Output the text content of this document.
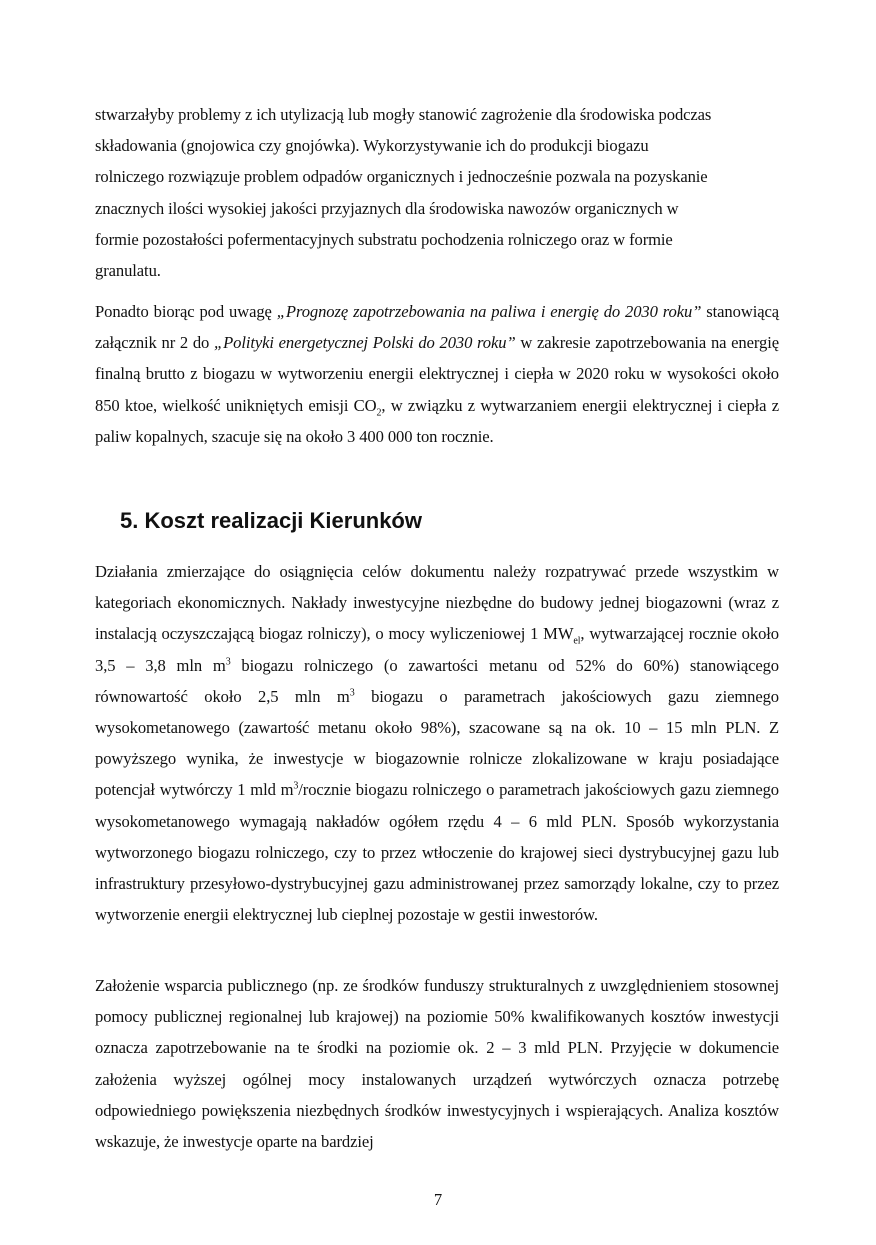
stwarzałyby problemy z ich utylizacją lub mogły stanowić zagrożenie dla środowiska podczas

składowania (gnojowica czy gnojówka). Wykorzystywanie ich do produkcji biogazu

rolniczego rozwiązuje problem odpadów organicznych i jednocześnie pozwala na pozyskanie

znacznych ilości wysokiej jakości przyjaznych dla środowiska nawozów organicznych w

formie pozostałości pofermentacyjnych substratu pochodzenia rolniczego oraz w formie

granulatu.

Ponadto biorąc pod uwagę „Prognozę zapotrzebowania na paliwa i energię do 2030 roku” stanowiącą załącznik nr 2 do „Polityki energetycznej Polski do 2030 roku” w zakresie zapotrzebowania na energię finalną brutto z biogazu w wytworzeniu energii elektrycznej i ciepła w 2020 roku w wysokości około 850 ktoe, wielkość unikniętych emisji $CO_2$, w związku z wytwarzaniem energii elektrycznej i ciepła z paliw kopalnych, szacuje się na około 3 400 000 ton rocznie.

5. Koszt realizacji Kierunków

Działania zmierzające do osiągnięcia celów dokumentu należy rozpatrywać przede wszystkim w kategoriach ekonomicznych. Nakłady inwestycyjne niezbędne do budowy jednej biogazowni (wraz z instalacją oczyszczającą biogaz rolniczy), o mocy wyliczeniowej 1 $MW_{el}$, wytwarzającej rocznie około 3,5 – 3,8 mln $m^3$ biogazu rolniczego (o zawartości metanu od 52% do 60%) stanowiącego równowartość około 2,5 mln $m^3$ biogazu o parametrach jakościowych gazu ziemnego wysokometanowego (zawartość metanu około 98%), szacowane są na ok. 10 – 15 mln PLN. Z powyższego wynika, że inwestycje w biogazownie rolnicze zlokalizowane w kraju posiadające potencjał wytwórczy 1 mld $m^3$/rocznie biogazu rolniczego o parametrach jakościowych gazu ziemnego wysokometanowego wymagają nakładów ogółem rzędu 4 – 6 mld PLN. Sposób wykorzystania wytworzonego biogazu rolniczego, czy to przez wtłoczenie do krajowej sieci dystrybucyjnej gazu lub infrastruktury przesyłowo-dystrybucyjnej gazu administrowanej przez samorządy lokalne, czy to przez wytworzenie energii elektrycznej lub cieplnej pozostaje w gestii inwestorów.

Założenie wsparcia publicznego (np. ze środków funduszy strukturalnych z uwzględnieniem stosownej pomocy publicznej regionalnej lub krajowej) na poziomie 50% kwalifikowanych kosztów inwestycji oznacza zapotrzebowanie na te środki na poziomie ok. 2 – 3 mld PLN. Przyjęcie w dokumencie założenia wyższej ogólnej mocy instalowanych urządzeń wytwórczych oznacza potrzebę odpowiedniego powiększenia niezbędnych środków inwestycyjnych i wspierających. Analiza kosztów wskazuje, że inwestycje oparte na bardziej

7
